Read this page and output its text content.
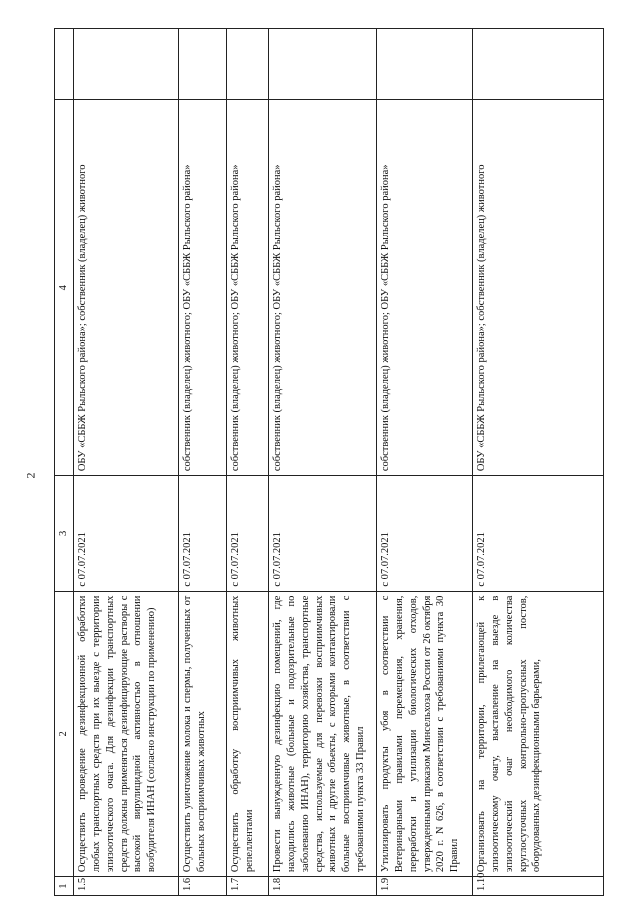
2
1	2	3	4	
1.5	Осуществить проведение дезинфекционной обработки любых транспортных средств при их выезде с территории эпизоотического очага. Для дезинфекции транспортных средств должны применяться дезинфицирующие растворы с высокой вирулицидной активностью в отношении возбудителя ИНАН (согласно инструкции по применению)	с 07.07.2021	ОБУ «СББЖ Рыльского района»; собственник (владелец) животного	
1.6	Осуществить уничтожение молока и спермы, полученных от больных восприимчивых животных	с 07.07.2021	собственник (владелец) животного; ОБУ «СББЖ Рыльского района»	
1.7	Осуществить обработку восприимчивых животных репеллентами	с 07.07.2021	собственник (владелец) животного; ОБУ «СББЖ Рыльского района»	
1.8	Провести вынужденную дезинфекцию помещений, где находились животные (больные и подозрительные по заболеванию ИНАН), территорию хозяйства, транспортные средства, используемые для перевозки восприимчивых животных и другие объекты, с которыми контактировали больные восприимчивые животные, в соответствии с требованиями пункта 33 Правил	с 07.07.2021	собственник (владелец) животного; ОБУ «СББЖ Рыльского района»	
1.9	Утилизировать продукты убоя в соответствии с Ветеринарными правилами перемещения, хранения, переработки и утилизации биологических отходов, утвержденными приказом Минсельхоза России от 26 октября 2020 г. N 626, в соответствии с требованиями пункта 30 Правил	с 07.07.2021	собственник (владелец) животного; ОБУ «СББЖ Рыльского района»	
1.10	Организовать на территории, прилегающей к эпизоотическому очагу, выставление на выезде в эпизоотический очаг необходимого количества круглосуточных контрольно-пропускных постов, оборудованных дезинфекционными барьерами,	с 07.07.2021	ОБУ «СББЖ Рыльского района»; собственник (владелец) животного	
